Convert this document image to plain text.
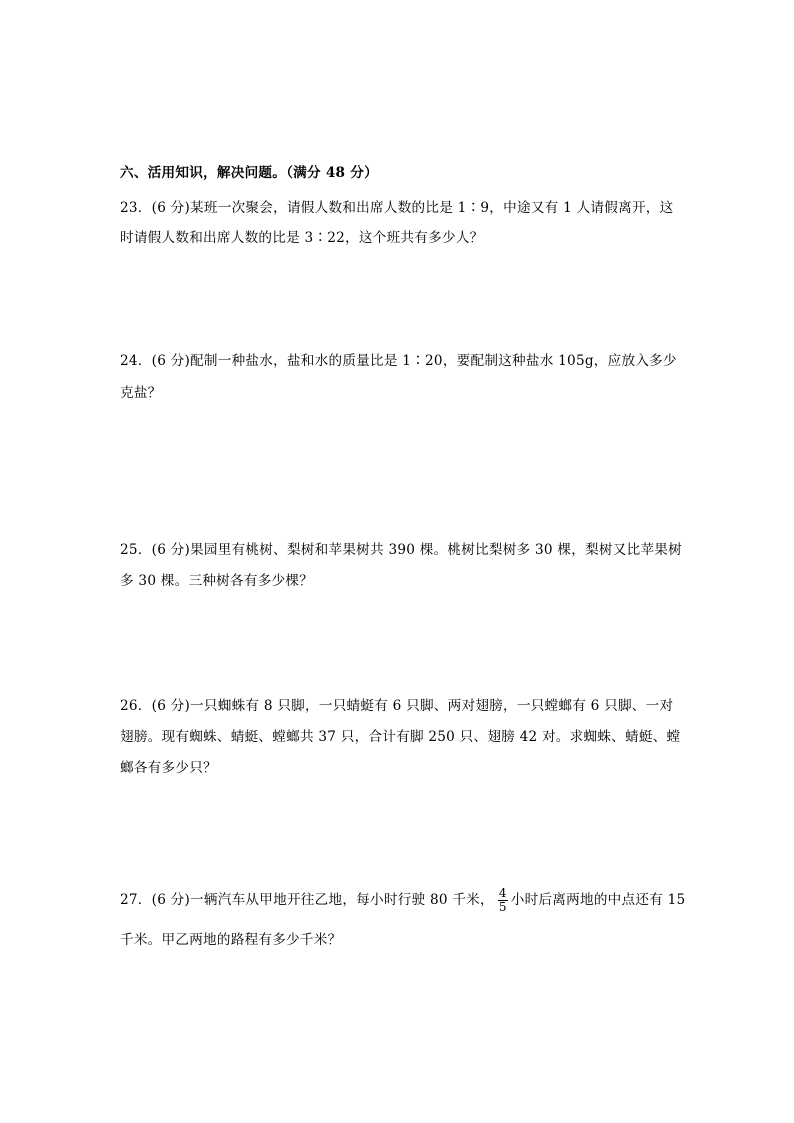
六、活用知识，解决问题。（满分 48 分）
23．(6 分)某班一次聚会，请假人数和出席人数的比是 1∶9，中途又有 1 人请假离开，这
时请假人数和出席人数的比是 3∶22，这个班共有多少人？
24．(6 分)配制一种盐水，盐和水的质量比是 1∶20，要配制这种盐水 105g，应放入多少
克盐？
25．(6 分)果园里有桃树、梨树和苹果树共 390 棵。桃树比梨树多 30 棵，梨树又比苹果树
多 30 棵。三种树各有多少棵？
26．(6 分)一只蜘蛛有 8 只脚，一只蜻蜓有 6 只脚、两对翅膀，一只螳螂有 6 只脚、一对
翅膀。现有蜘蛛、蜻蜓、螳螂共 37 只，合计有脚 250 只、翅膀 42 对。求蜘蛛、蜻蜓、螳
螂各有多少只？
27．(6 分)一辆汽车从甲地开往乙地，每小时行驶 80 千米， $\frac{4}{5}$ 小时后离两地的中点还有 15
千米。甲乙两地的路程有多少千米？
